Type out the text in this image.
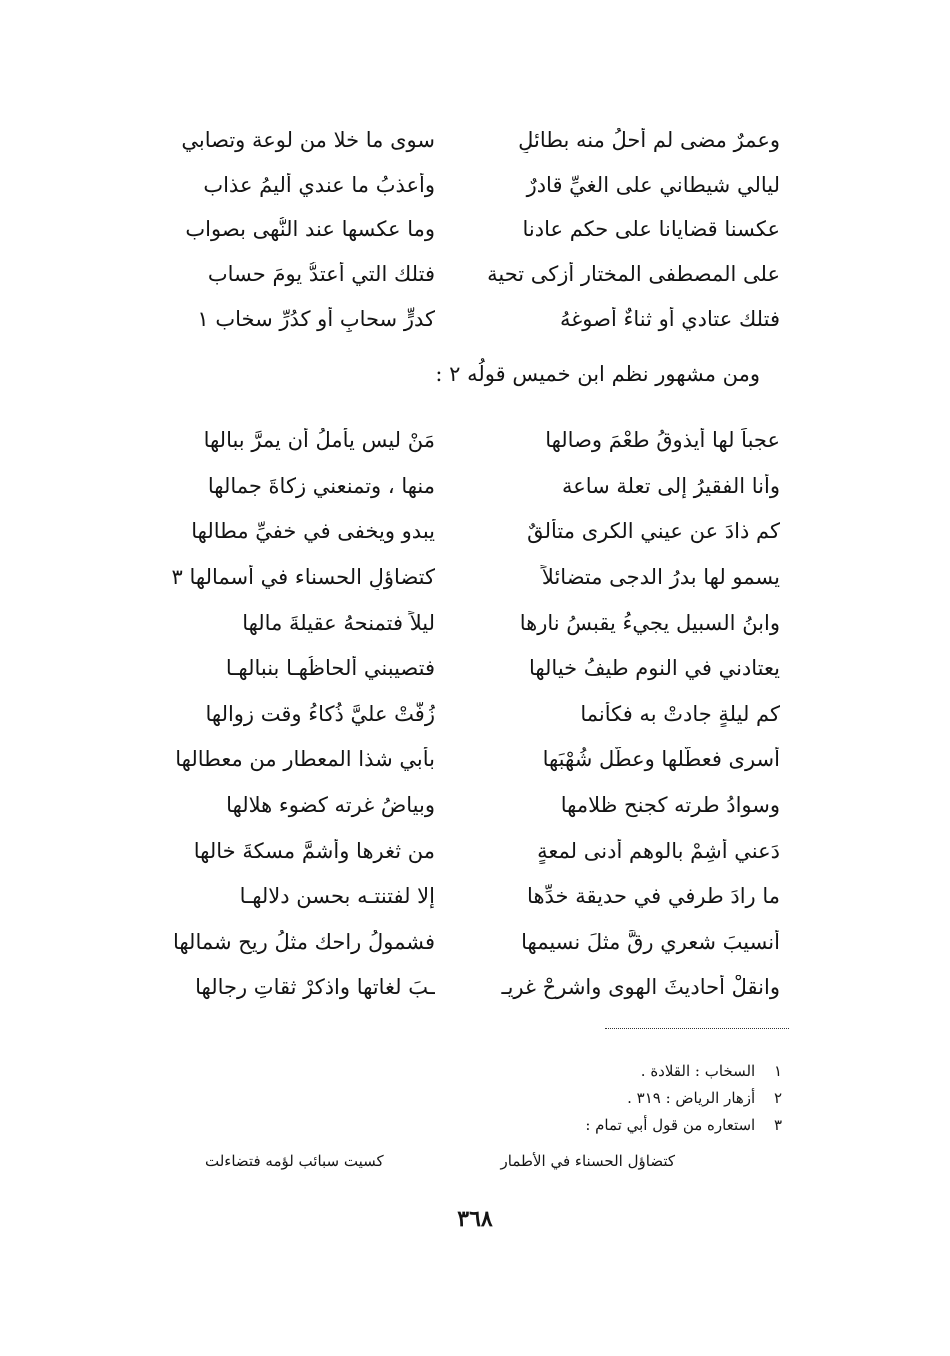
وعمرٌ مضى لم أحلُ منه بطائلٍ
سوى ما خلا من لوعة وتصابي
ليالي شيطاني على الغيِّ قادرٌ
وأعذبُ ما عندي أليمُ عذاب
عكسنا قضايانا على حكم عادنا
وما عكسها عند النُّهى بصواب
على المصطفى المختار أزكى تحية
فتلك التي أعتدُّ يومَ حساب
فتلك عتادي أو ثناءٌ أصوغهُ
كدرٍّ سحابٍ أو كدُرِّ سخاب ١
ومن مشهور نظم ابن خميس قولُه ٢ :
عجباً لها أيذوقُ طعْمَ وصالها
مَنْ ليس يأملُ أن يمرَّ ببالها
وأنا الفقيرُ إلى تعلة ساعة
منها ، وتمنعني زكاةَ جمالها
كم ذادَ عن عيني الكرى متألقٌ
يبدو ويخفى في خفيِّ مطالها
يسمو لها بدرُ الدجى متضائلاً
كتضاؤلِ الحسناء في أسمالها ٣
وابنُ السبيل يجيءُ يقبسُ نارها
ليلاً فتمنحهُ عقيلةَ مالها
يعتادني في النوم طيفُ خيالها
فتصيبني ألحاظُهـا بنبالهـا
كم ليلةٍ جادتْ به فكأنما
زُفّتْ عليَّ ذُكاءُ وقت زوالها
أسرى فعطّلها وعطّل شُهْبَها
بأبي شذا المعطار من معطالها
وسوادُ طرته كجنحِ ظلامها
وبياضُ غرته كضوء هلالها
دَعني أشِمْ بالوهم أدنى لمعةٍ
من ثغرها وأشمَّ مسكةَ خالها
ما رادَ طرفي في حديقة خدِّها
إلا لفتنتـه بحسنِ دلالهـا
أنسيبَ شعري رقَّ مثلَ نسيمها
فشمولُ راحك مثلُ ريح شمالها
وانقلْ أحاديثَ الهوى واشرحْ غريـ
ـبَ لغاتها واذكرْ ثقاتِ رجالها
١ السخاب : القلادة .
٢ أزهار الرياض : ٣١٩ .
٣ استعاره من قول أبي تمام :
كتضاؤل الحسناء في الأطمار
كسيت سبائب لؤمه فتضاءلت
٣٦٨
